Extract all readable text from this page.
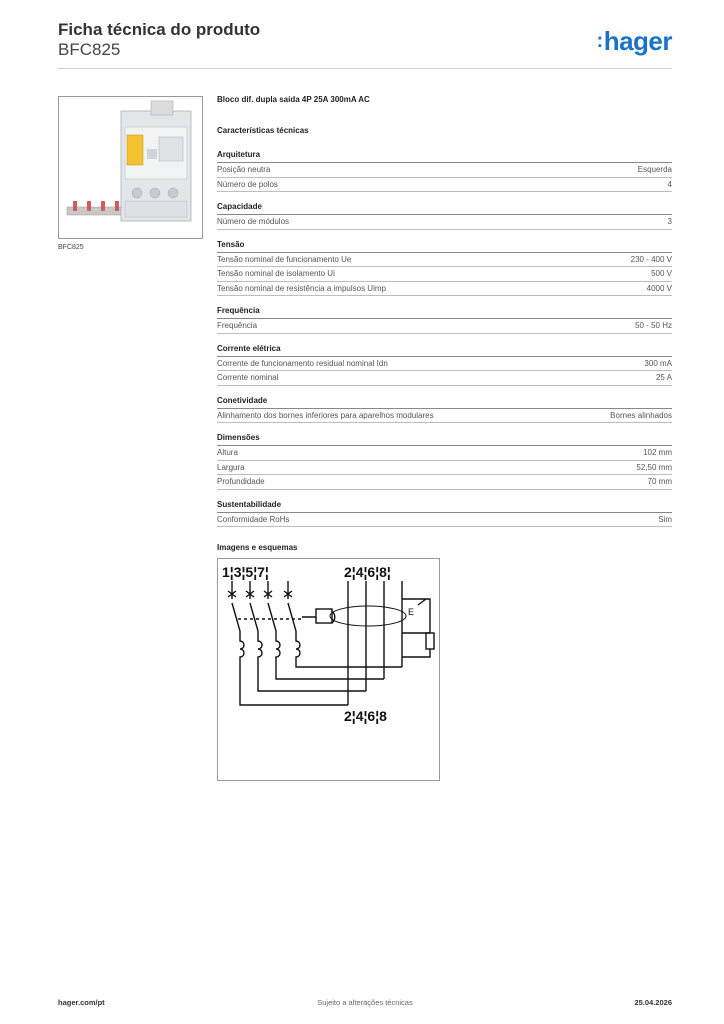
Ficha técnica do produto
BFC825	:hager
BFC825
Bloco dif. dupla saída 4P 25A 300mA AC
Características técnicas
Arquitetura
Posição neutra	Esquerda
Número de polos	4
Capacidade
Número de módulos	3
Tensão
Tensão nominal de funcionamento Ue	230 - 400 V
Tensão nominal de isolamento Ui	500 V
Tensão nominal de resistência a impulsos Uimp	4000 V
Frequência
Frequência	50 - 50 Hz
Corrente elétrica
Corrente de funcionamento residual nominal Idn	300 mA
Corrente nominal	25 A
Conetividade
Alinhamento dos bornes inferiores para aparelhos modulares	Bornes alinhados
Dimensões
Altura	102 mm
Largura	52,50 mm
Profundidade	70 mm
Sustentabilidade
Conformidade RoHs	Sim
Imagens e esquemas
1¦3¦5¦7¦	2¦4¦6¦8¦
2¦4¦6¦8
E
hager.com/pt	Sujeito a alterações técnicas	25.04.2026
